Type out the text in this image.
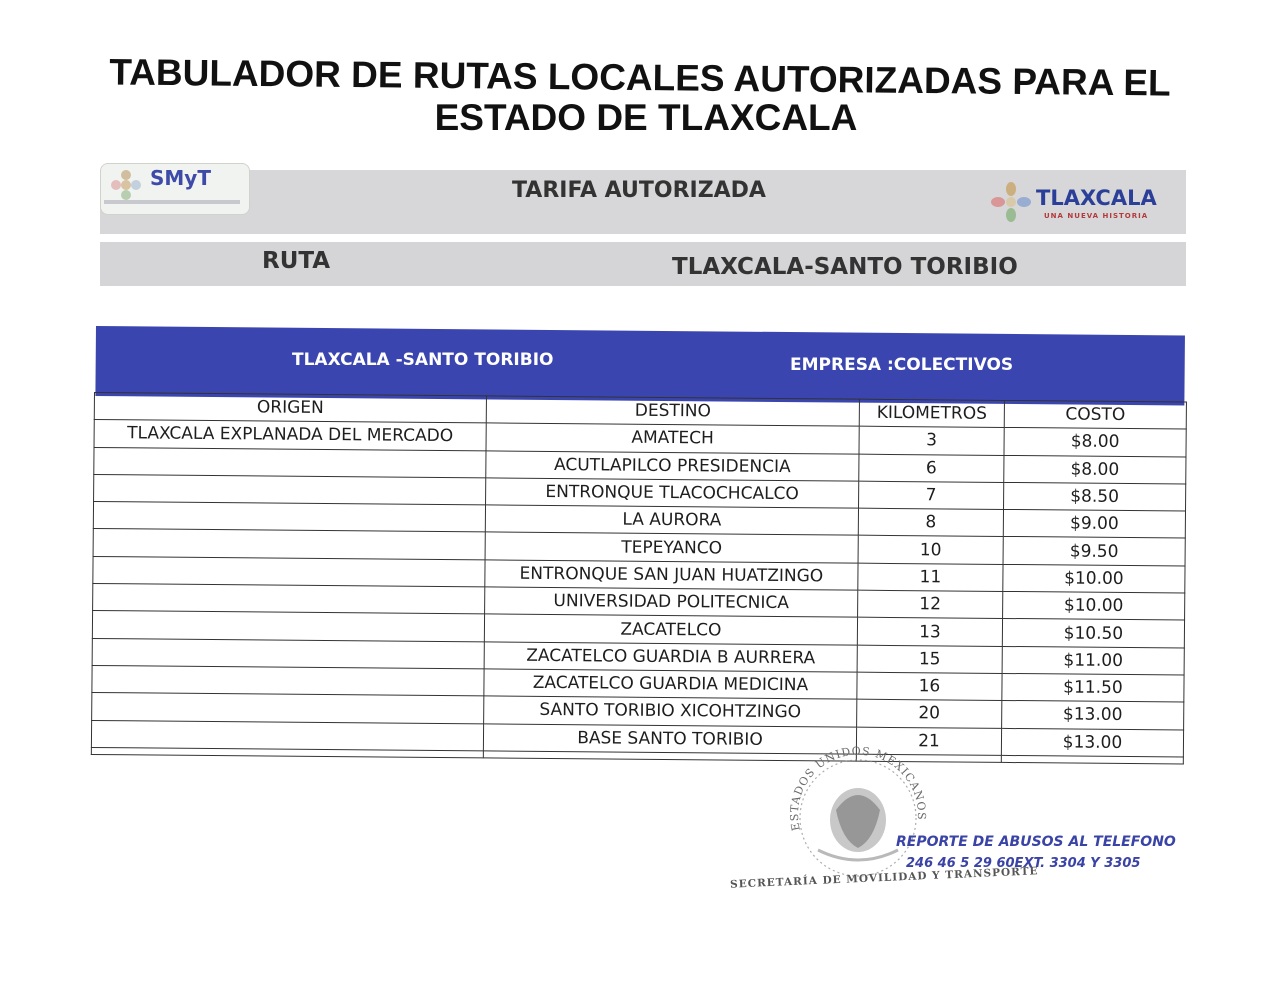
TABULADOR DE RUTAS LOCALES AUTORIZADAS PARA EL
ESTADO DE TLAXCALA
SMyT	TARIFA AUTORIZADA	TLAXCALA
UNA NUEVA HISTORIA
RUTA	TLAXCALA-SANTO TORIBIO
TLAXCALA -SANTO TORIBIO	EMPRESA :COLECTIVOS
ORIGEN	DESTINO	KILOMETROS	COSTO
TLAXCALA EXPLANADA DEL MERCADO	AMATECH	3	$8.00
	ACUTLAPILCO PRESIDENCIA	6	$8.00
	ENTRONQUE TLACOCHCALCO	7	$8.50
	LA AURORA	8	$9.00
	TEPEYANCO	10	$9.50
	ENTRONQUE SAN JUAN HUATZINGO	11	$10.00
	UNIVERSIDAD POLITECNICA	12	$10.00
	ZACATELCO	13	$10.50
	ZACATELCO GUARDIA B AURRERA	15	$11.00
	ZACATELCO GUARDIA MEDICINA	16	$11.50
	SANTO TORIBIO XICOHTZINGO	20	$13.00
	BASE SANTO TORIBIO	21	$13.00

ESTADOS UNIDOS MEXICANOS
REPORTE DE ABUSOS AL TELEFONO
246 46 5 29 60EXT. 3304 Y 3305
SECRETARÍA DE MOVILIDAD Y TRANSPORTE
